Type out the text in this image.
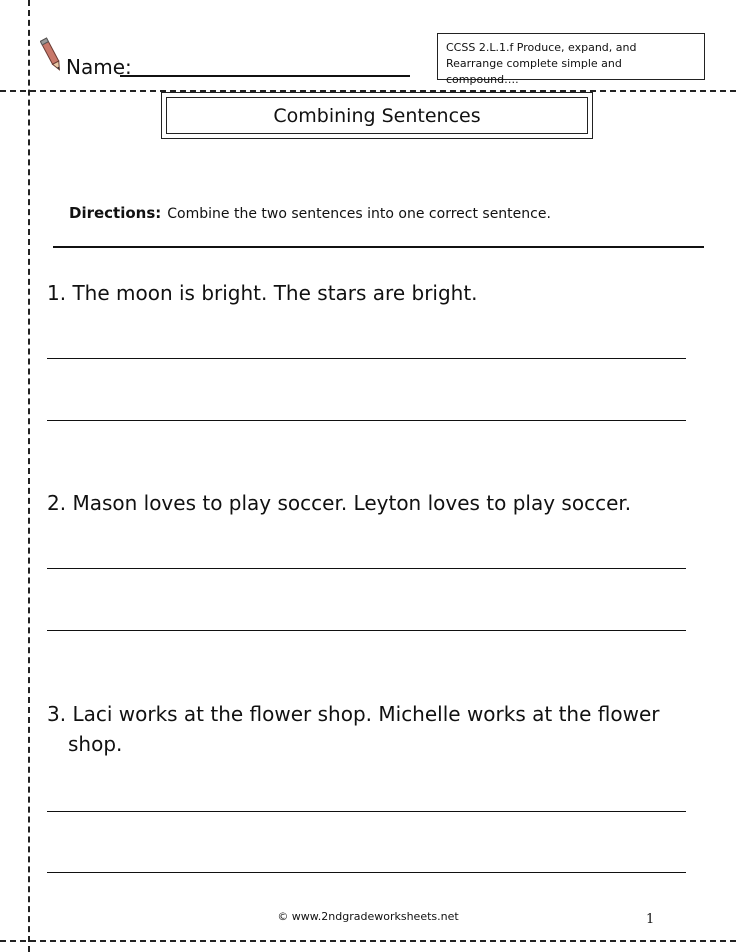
Name:
CCSS 2.L.1.f Produce, expand, and
Rearrange complete simple and compound….
Combining Sentences
Directions: Combine the two sentences into one correct sentence.
1. The moon is bright. The stars are bright.
2. Mason loves to play soccer. Leyton loves to play soccer.
3. Laci works at the flower shop. Michelle works at the flower
shop.
© www.2ndgradeworksheets.net	1
